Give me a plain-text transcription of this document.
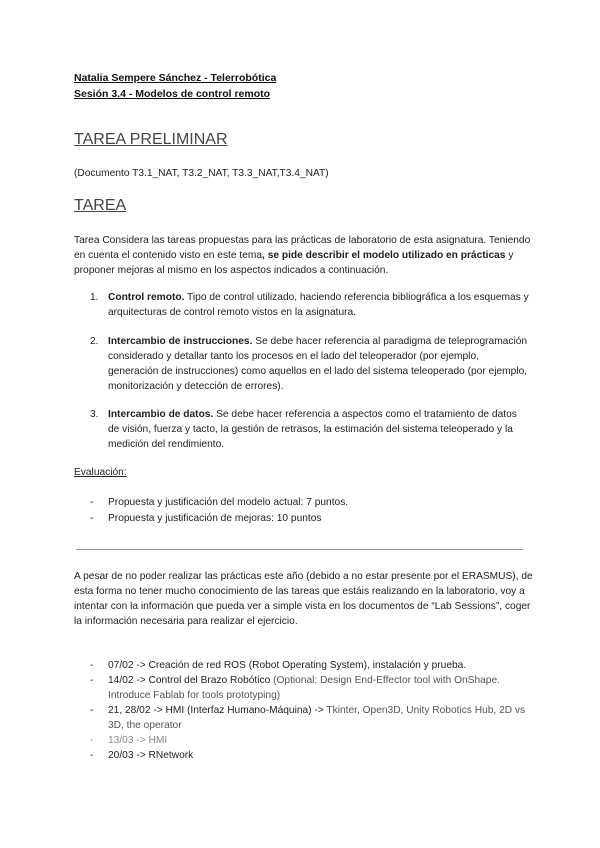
Natalia Sempere Sánchez - Telerrobótica
Sesión 3.4 - Modelos de control remoto
TAREA PRELIMINAR
(Documento T3.1_NAT, T3.2_NAT, T3.3_NAT,T3.4_NAT)
TAREA
Tarea Considera las tareas propuestas para las prácticas de laboratorio de esta asignatura. Teniendo en cuenta el contenido visto en este tema, se pide describir el modelo utilizado en prácticas y proponer mejoras al mismo en los aspectos indicados a continuación.
1. Control remoto. Tipo de control utilizado, haciendo referencia bibliográfica a los esquemas y arquitecturas de control remoto vistos en la asignatura.
2. Intercambio de instrucciones. Se debe hacer referencia al paradigma de teleprogramación considerado y detallar tanto los procesos en el lado del teleoperador (por ejemplo, generación de instrucciones) como aquellos en el lado del sistema teleoperado (por ejemplo, monitorización y detección de errores).
3. Intercambio de datos. Se debe hacer referencia a aspectos como el tratamiento de datos de visión, fuerza y tacto, la gestión de retrasos, la estimación del sistema teleoperado y la medición del rendimiento.
Evaluación:
- Propuesta y justificación del modelo actual: 7 puntos.
- Propuesta y justificación de mejoras: 10 puntos
A pesar de no poder realizar las prácticas este año (debido a no estar presente por el ERASMUS), de esta forma no tener mucho conocimiento de las tareas que estáis realizando en la laboratorio, voy a intentar con la información que pueda ver a simple vista en los documentos de “Lab Sessions”, coger la información necesaria para realizar el ejercicio.
- 07/02 -> Creación de red ROS (Robot Operating System), instalación y prueba.
- 14/02 -> Control del Brazo Robótico (Optional: Design End-Effector tool with OnShape. Introduce Fablab for tools prototyping)
- 21, 28/02 -> HMI (Interfaz Humano-Máquina) -> Tkinter, Open3D, Unity Robotics Hub, 2D vs 3D, the operator
- 13/03 -> HMI
- 20/03 -> RNetwork
